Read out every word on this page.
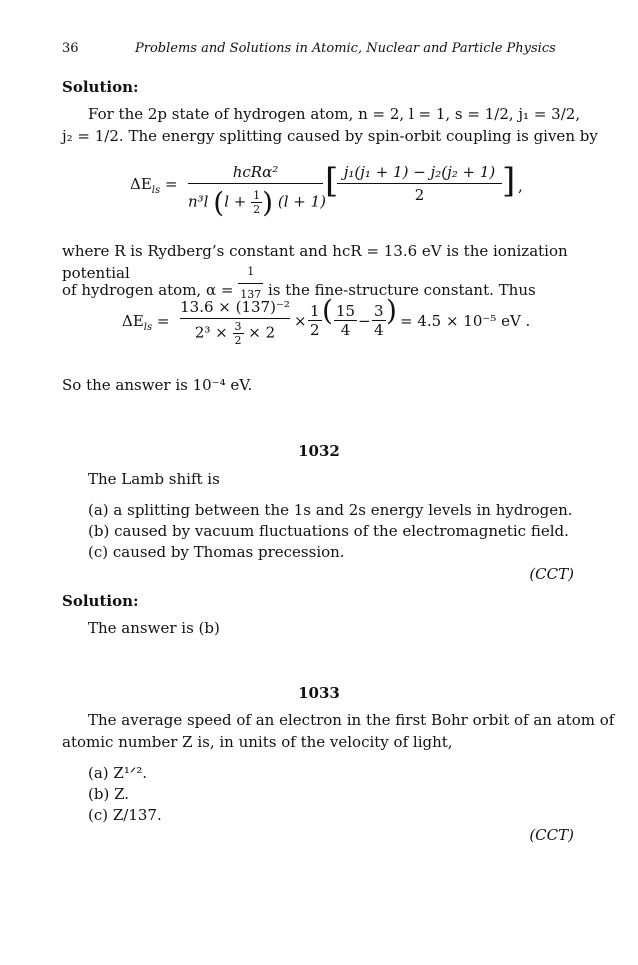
36	Problems and Solutions in Atomic, Nuclear and Particle Physics
Solution:
For the 2p state of hydrogen atom, n = 2, l = 1, s = 1/2, j₁ = 3/2,
j₂ = 1/2. The energy splitting caused by spin-orbit coupling is given by
$\Delta E_{ls}$ =
hcRα²
n³l ($l + \frac{1}{2}$ ) (l + 1)
[
$\frac{\text{j₁(j₁ + 1) − j₂(j₂ + 1)}}{2}$ ] ,
where R is Rydberg’s constant and hcR = 13.6 eV is the ionization potential
of hydrogen atom, $\alpha = \frac{1}{137}$ is the fine-structure constant. Thus
$\Delta E_{ls}$ =
13.6 × (137)⁻²
$2^3 \times \frac{3}{2} \times 2$
× $\frac{1}{2}$ ( $\frac{15}{4} - \frac{3}{4}$ ) = 4.5 × 10⁻⁵ eV .
So the answer is 10⁻⁴ eV.
1032
The Lamb shift is
(a) a splitting between the 1s and 2s energy levels in hydrogen.
(b) caused by vacuum fluctuations of the electromagnetic field.
(c) caused by Thomas precession.
(CCT)
Solution:
The answer is (b)
1033
The average speed of an electron in the first Bohr orbit of an atom of
atomic number Z is, in units of the velocity of light,
(a) Z¹ᐟ².
(b) Z.
(c) Z/137.
(CCT)
